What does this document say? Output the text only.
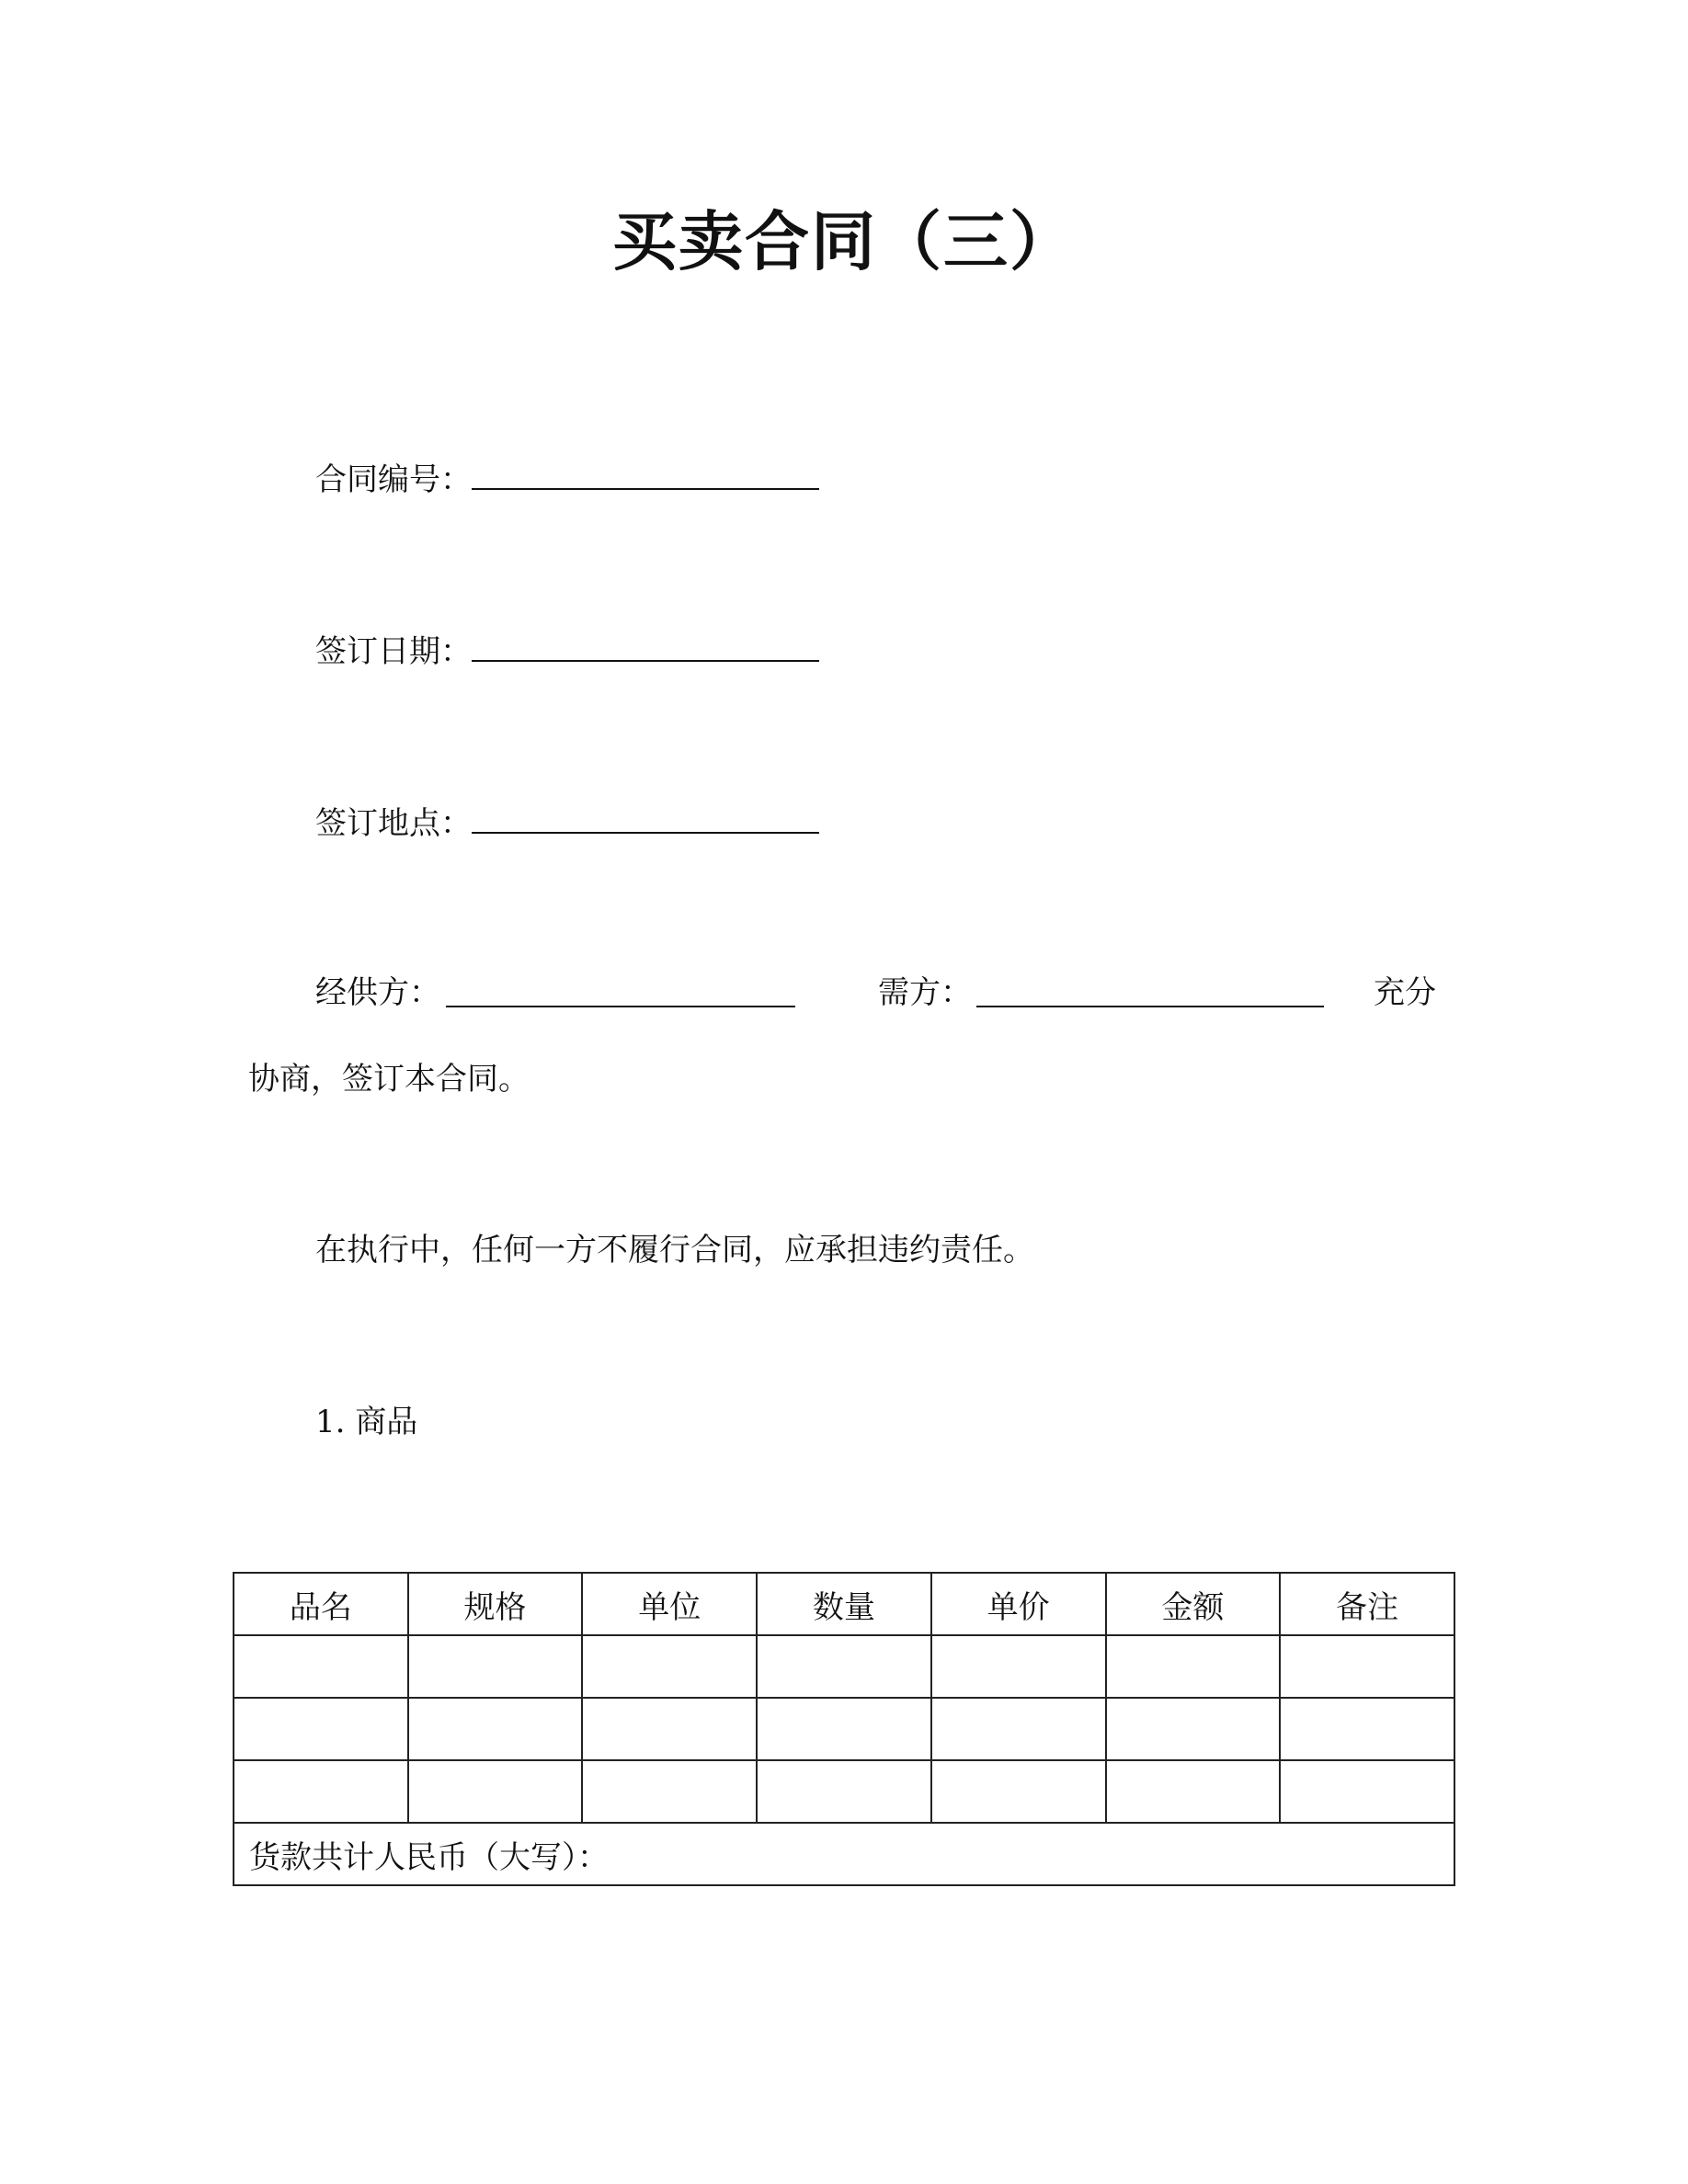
买卖合同（三）
合同编号：
签订日期：
签订地点：
经供方：	需方：	充分
协商，签订本合同。
在执行中，任何一方不履行合同，应承担违约责任。
1. 商品
品名	规格	单位	数量	单价	金额	备注

货款共计人民币（大写）：						
